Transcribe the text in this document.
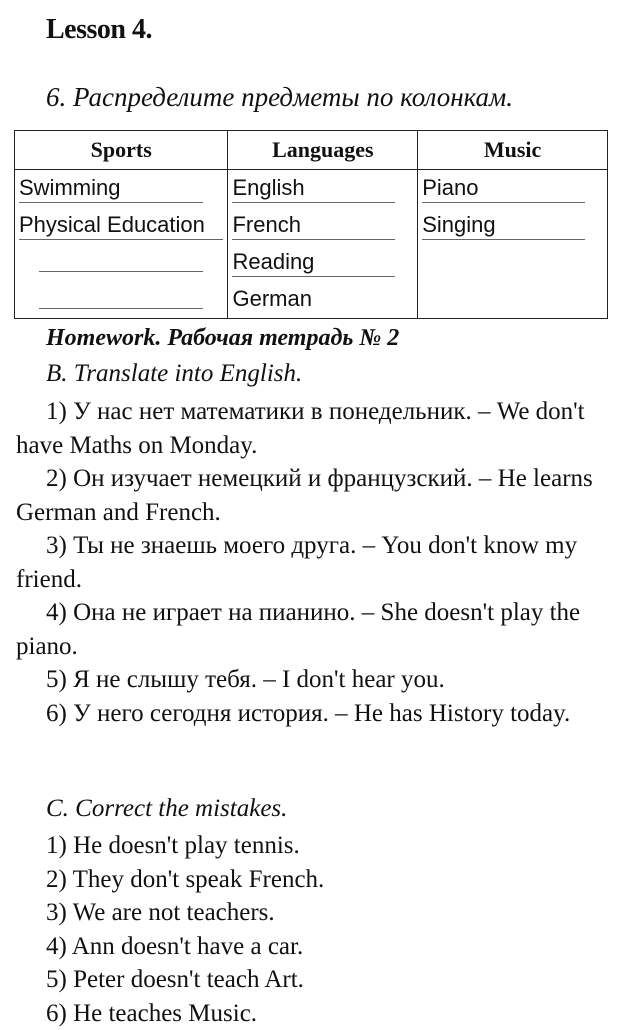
Lesson 4.
6. Распределите предметы по колонкам.
Sports	Languages	Music

Swimming	English	Piano

Physical Education	French	Singing

	Reading	

	German	

Homework. Рабочая тетрадь № 2
B. Translate into English.

1) У нас нет математики в понедельник. – We don't have Maths on Monday.

2) Он изучает немецкий и французский. – He learns German and French.

3) Ты не знаешь моего друга. – You don't know my friend.

4) Она не играет на пианино. – She doesn't play the piano.

5) Я не слышу тебя. – I don't hear you.

6) У него сегодня история. – He has History today.

C. Correct the mistakes.
1) He doesn't play tennis.
2) They don't speak French.
3) We are not teachers.
4) Ann doesn't have a car.
5) Peter doesn't teach Art.
6) He teaches Music.
